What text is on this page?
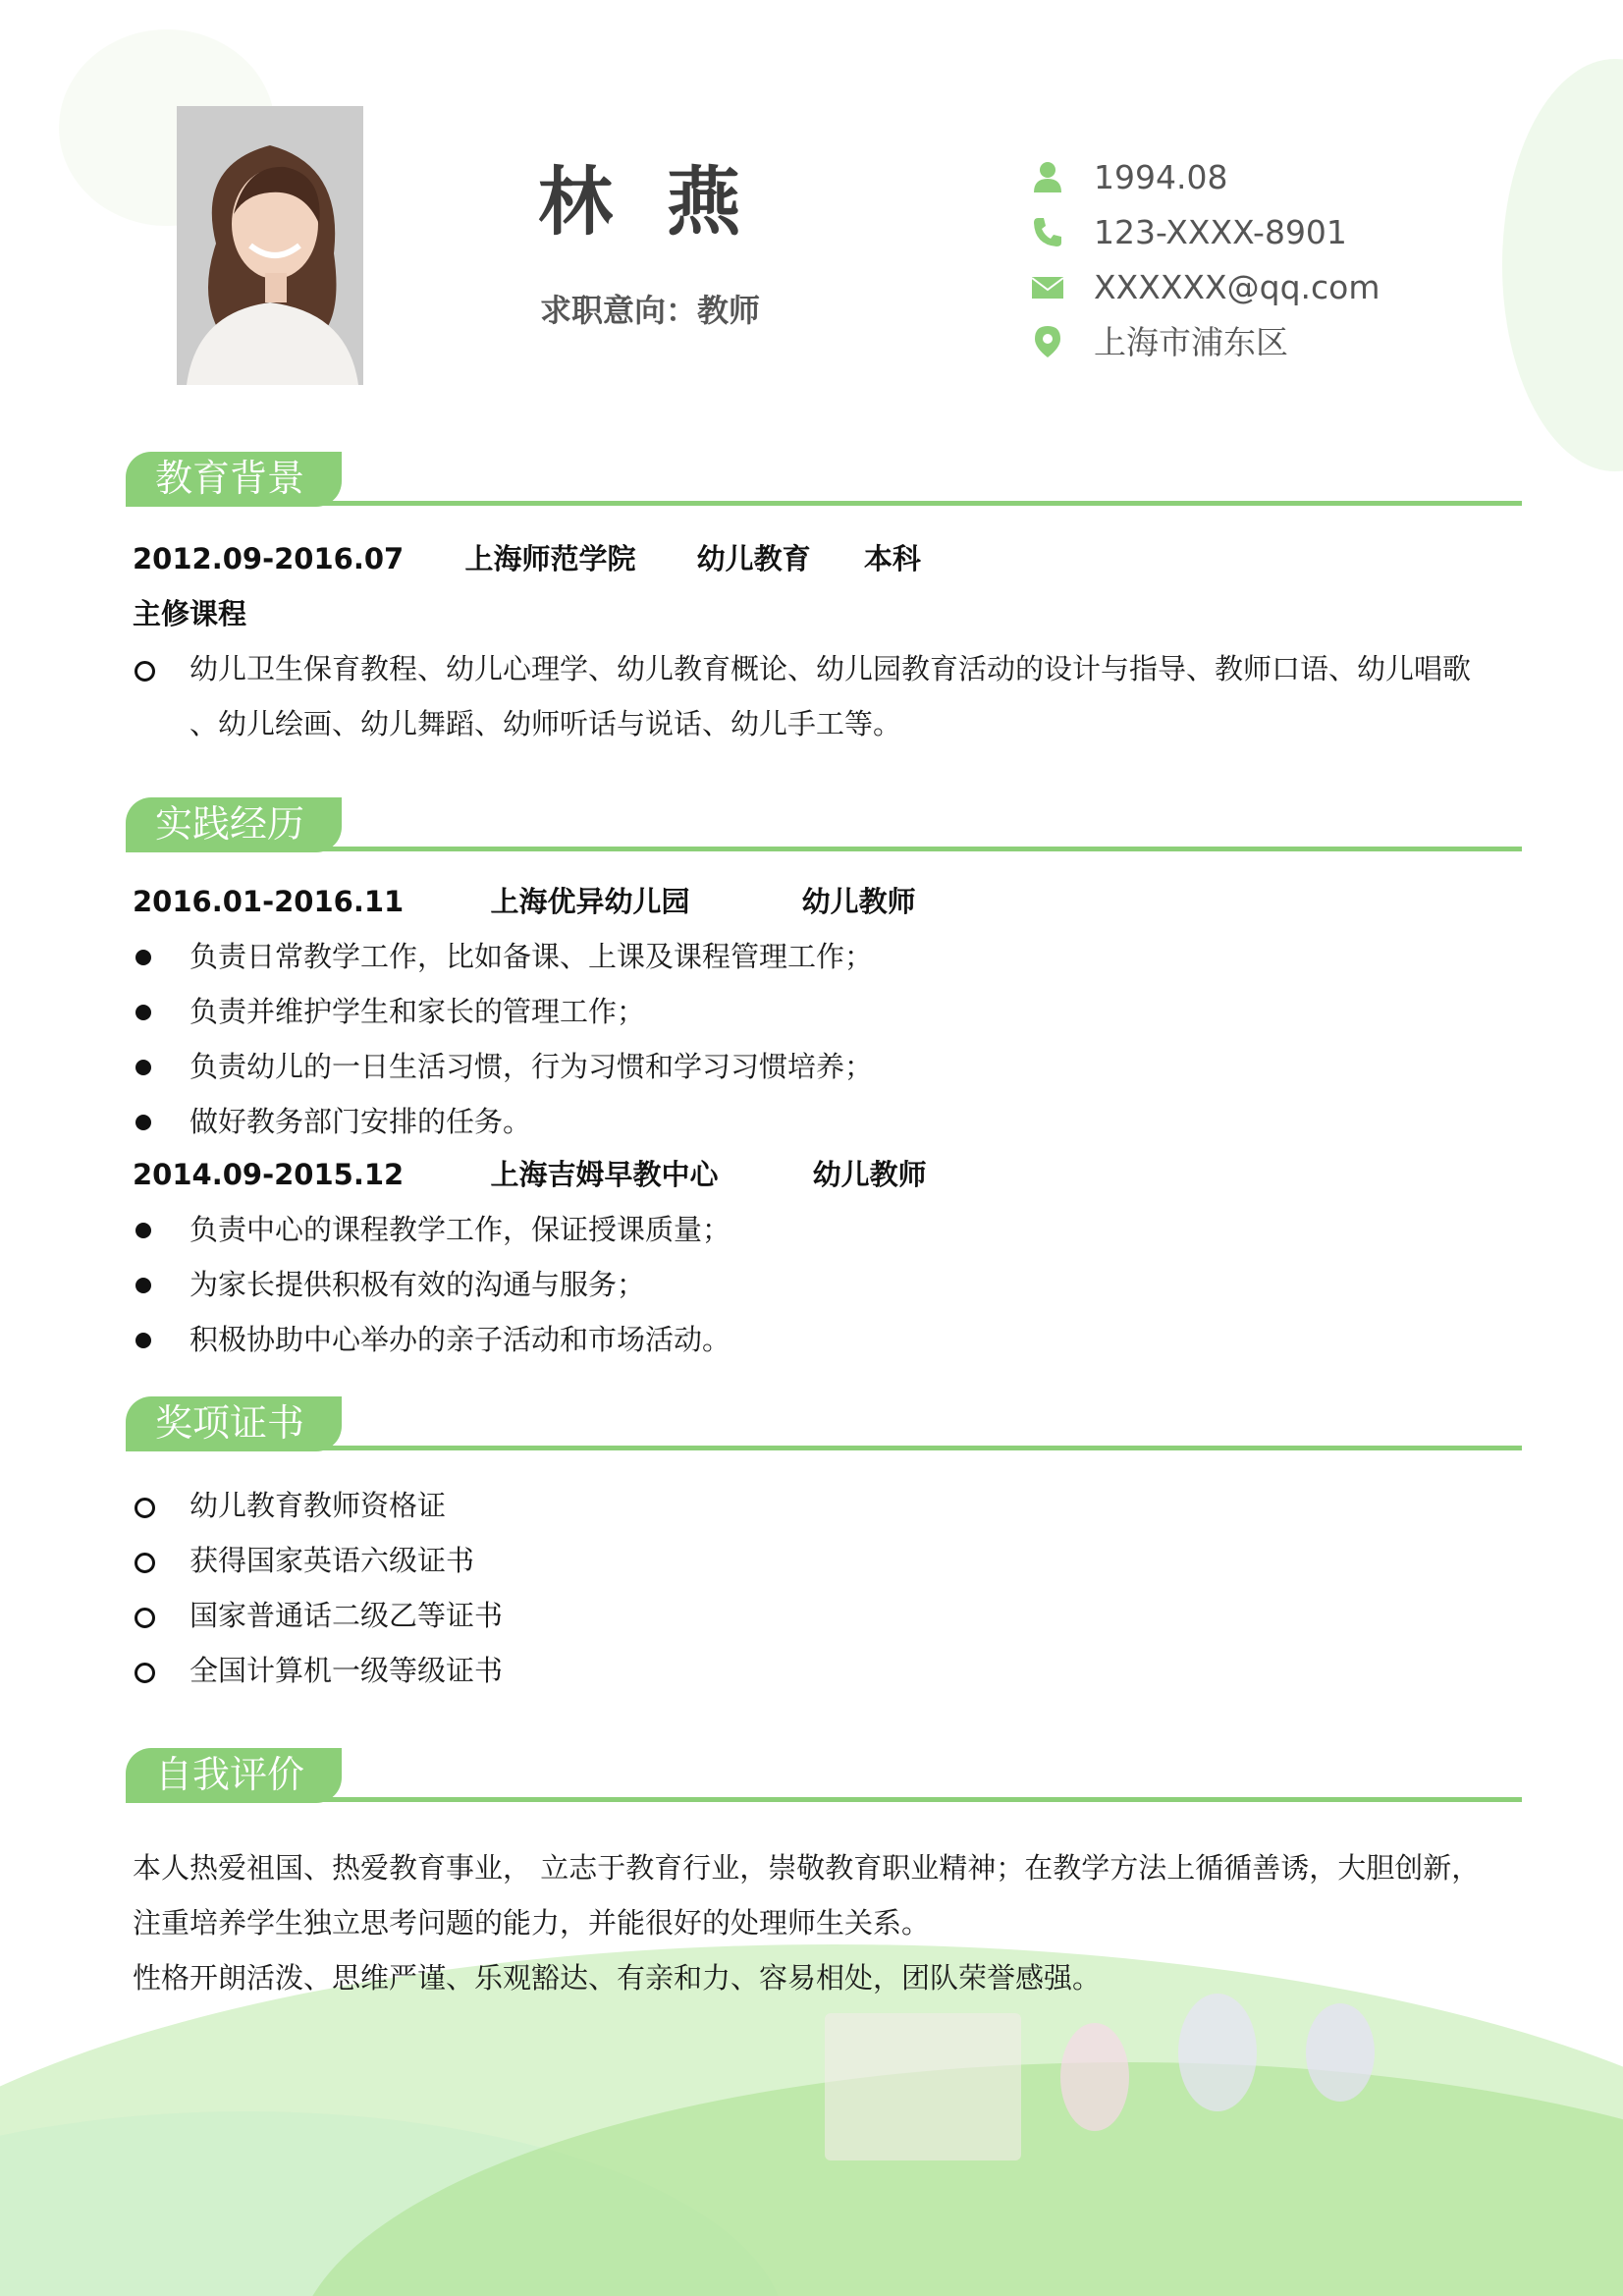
林 燕
求职意向：教师
1994.08
123-XXXX-8901
XXXXXX@qq.com
上海市浦东区
教育背景
2012.09-2016.07 上海师范学院 幼儿教育 本科
主修课程
幼儿卫生保育教程、幼儿心理学、幼儿教育概论、幼儿园教育活动的设计与指导、教师口语、幼儿唱歌
、幼儿绘画、幼儿舞蹈、幼师听话与说话、幼儿手工等。
实践经历
2016.01-2016.11	上海优异幼儿园	幼儿教师
负责日常教学工作，比如备课、上课及课程管理工作；
负责并维护学生和家长的管理工作；
负责幼儿的一日生活习惯，行为习惯和学习习惯培养；
做好教务部门安排的任务。
2014.09-2015.12	上海吉姆早教中心	幼儿教师
负责中心的课程教学工作，保证授课质量；
为家长提供积极有效的沟通与服务；
积极协助中心举办的亲子活动和市场活动。
奖项证书
幼儿教育教师资格证
获得国家英语六级证书
国家普通话二级乙等证书
全国计算机一级等级证书
自我评价
本人热爱祖国、热爱教育事业， 立志于教育行业，崇敬教育职业精神；在教学方法上循循善诱，大胆创新，
注重培养学生独立思考问题的能力，并能很好的处理师生关系。
性格开朗活泼、思维严谨、乐观豁达、有亲和力、容易相处，团队荣誉感强。
